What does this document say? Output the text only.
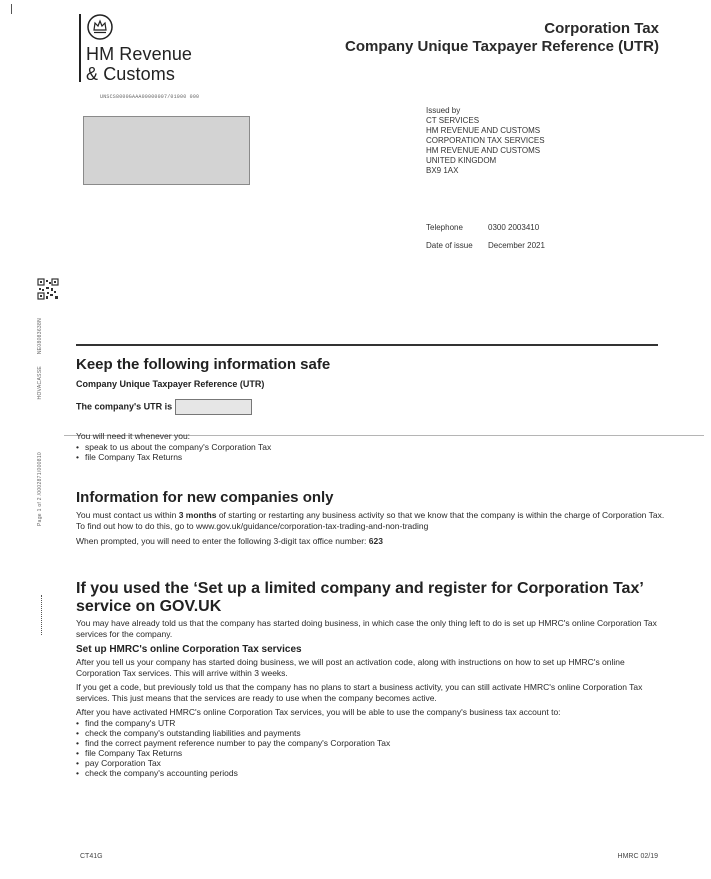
HM Revenue
& Customs
Corporation Tax
Company Unique Taxpayer Reference (UTR)
UNSCS8000GAAA00000007/01000 000
Issued by
CT SERVICES
HM REVENUE AND CUSTOMS
CORPORATION TAX SERVICES
HM REVENUE AND CUSTOMS
UNITED KINGDOM
BX9 1AX
Telephone	0300 2003410
Date of issue December 2021
NE08083638N
HOVACASSE
Page 1 of 2 /0002871/000810
Keep the following information safe
Company Unique Taxpayer Reference (UTR)
The company's UTR is
You will need it whenever you:
• speak to us about the company's Corporation Tax
• file Company Tax Returns
Information for new companies only
You must contact us within 3 months of starting or restarting any business activity so that we know that the company is within the charge of Corporation Tax. To find out how to do this, go to www.gov.uk/guidance/corporation-tax-trading-and-non-trading
When prompted, you will need to enter the following 3-digit tax office number: 623
If you used the ‘Set up a limited company and register for Corporation Tax’ service on GOV.UK
You may have already told us that the company has started doing business, in which case the only thing left to do is set up HMRC's online Corporation Tax services for the company.
Set up HMRC's online Corporation Tax services
After you tell us your company has started doing business, we will post an activation code, along with instructions on how to set up HMRC's online Corporation Tax services. This will arrive within 3 weeks.
If you get a code, but previously told us that the company has no plans to start a business activity, you can still activate HMRC's online Corporation Tax services. This just means that the services are ready to use when the company becomes active.
After you have activated HMRC's online Corporation Tax services, you will be able to use the company's business tax account to:
• find the company's UTR
• check the company's outstanding liabilities and payments
• find the correct payment reference number to pay the company's Corporation Tax
• file Company Tax Returns
• pay Corporation Tax
• check the company's accounting periods
CT41G	HMRC 02/19
